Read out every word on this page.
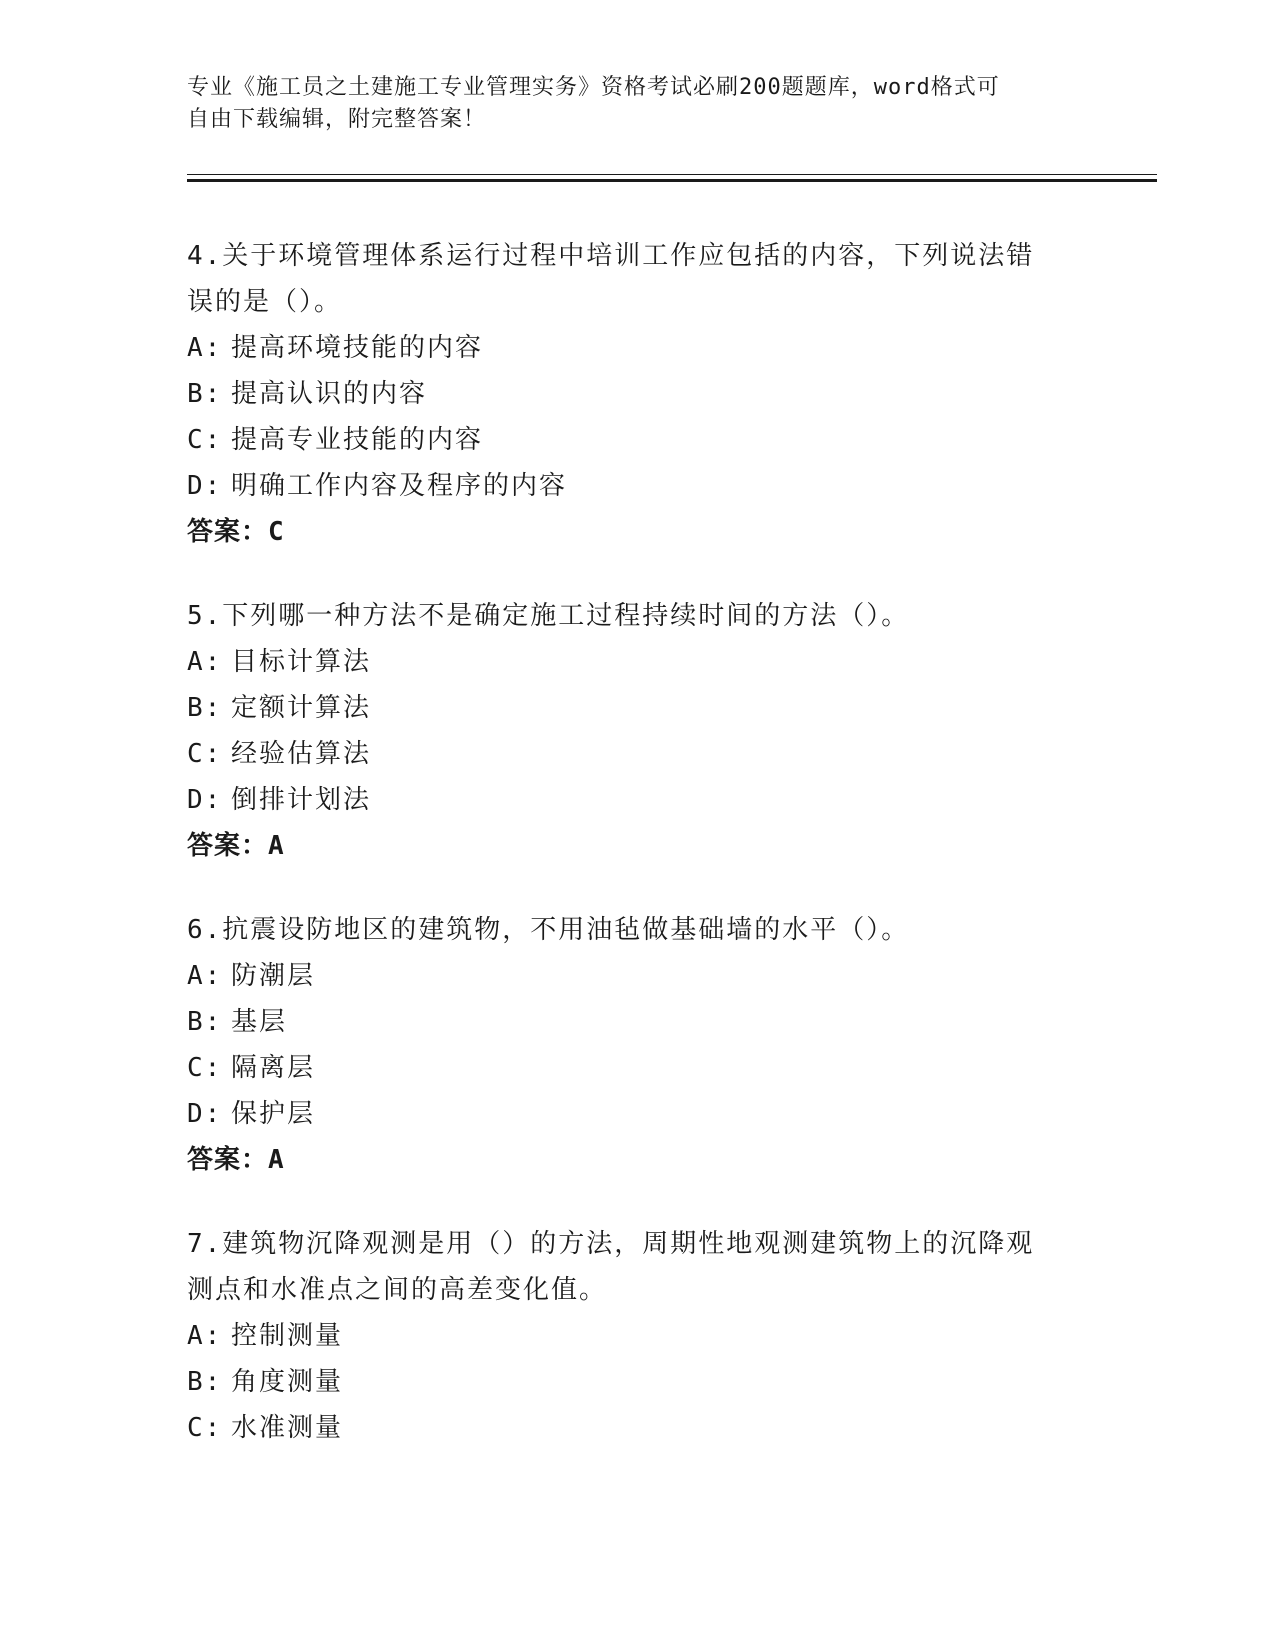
专业《施工员之土建施工专业管理实务》资格考试必刷200题题库，word格式可
自由下载编辑，附完整答案！
4.关于环境管理体系运行过程中培训工作应包括的内容，下列说法错
误的是（）。
A: 提高环境技能的内容
B: 提高认识的内容
C: 提高专业技能的内容
D: 明确工作内容及程序的内容
答案：C
5.下列哪一种方法不是确定施工过程持续时间的方法（）。
A: 目标计算法
B: 定额计算法
C: 经验估算法
D: 倒排计划法
答案：A
6.抗震设防地区的建筑物，不用油毡做基础墙的水平（）。
A: 防潮层
B: 基层
C: 隔离层
D: 保护层
答案：A
7.建筑物沉降观测是用（）的方法，周期性地观测建筑物上的沉降观
测点和水准点之间的高差变化值。
A: 控制测量
B: 角度测量
C: 水准测量
